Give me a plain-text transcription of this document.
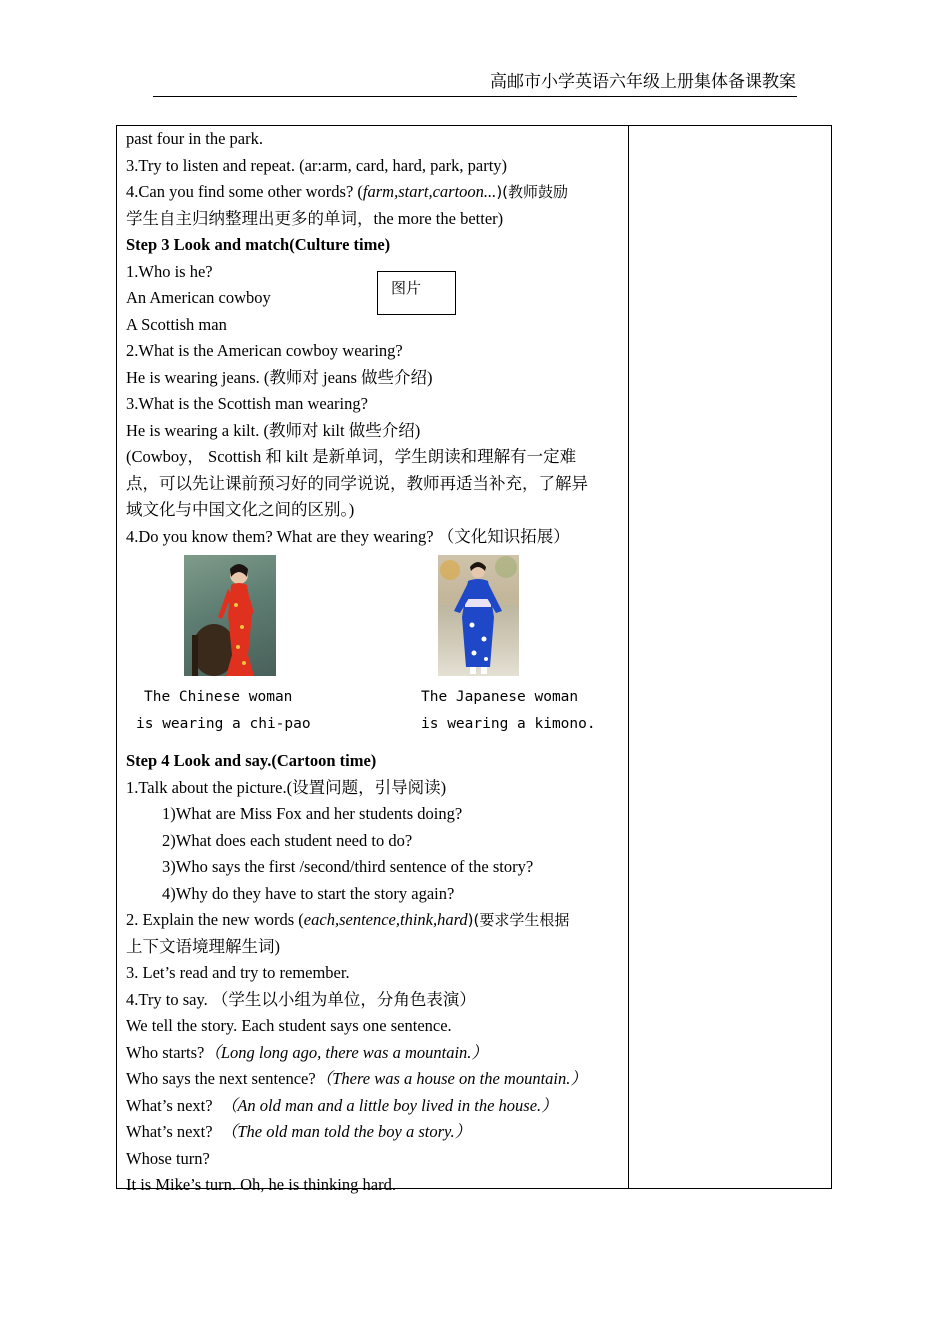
高邮市小学英语六年级上册集体备课教案
past four in the park.
3.Try to listen and repeat. (ar:arm, card, hard, park, party)
4.Can you find some other words? (farm,start,cartoon...)(教师鼓励
学生自主归纳整理出更多的单词，the more the better)
Step 3 Look and match(Culture time)
1.Who is he?
An American cowboy
A Scottish man
2.What is the American cowboy wearing?
He is wearing jeans. (教师对 jeans 做些介绍)
3.What is the Scottish man wearing?
He is wearing a kilt. (教师对 kilt 做些介绍)
(Cowboy， Scottish 和 kilt 是新单词，学生朗读和理解有一定难
点，可以先让课前预习好的同学说说，教师再适当补充，了解异
域文化与中国文化之间的区别。)
4.Do you know them? What are they wearing? （文化知识拓展）
Step 4 Look and say.(Cartoon time)
1.Talk about the picture.(设置问题，引导阅读)
1)What are Miss Fox and her students doing?
2)What does each student need to do?
3)Who says the first /second/third sentence of the story?
4)Why do they have to start the story again?
2. Explain the new words (each,sentence,think,hard)(要求学生根据
上下文语境理解生词)
3. Let’s read and try to remember.
4.Try to say. （学生以小组为单位，分角色表演）
We tell the story. Each student says one sentence.
Who starts?（Long long ago, there was a mountain.）
Who says the next sentence?（There was a house on the mountain.）
What’s next?  （An old man and a little boy lived in the house.）
What’s next?  （The old man told the boy a story.）
Whose turn?
It is Mike’s turn. Oh, he is thinking hard.
图片
The Chinese woman
is wearing a chi-pao
The Japanese woman
is wearing a kimono.
